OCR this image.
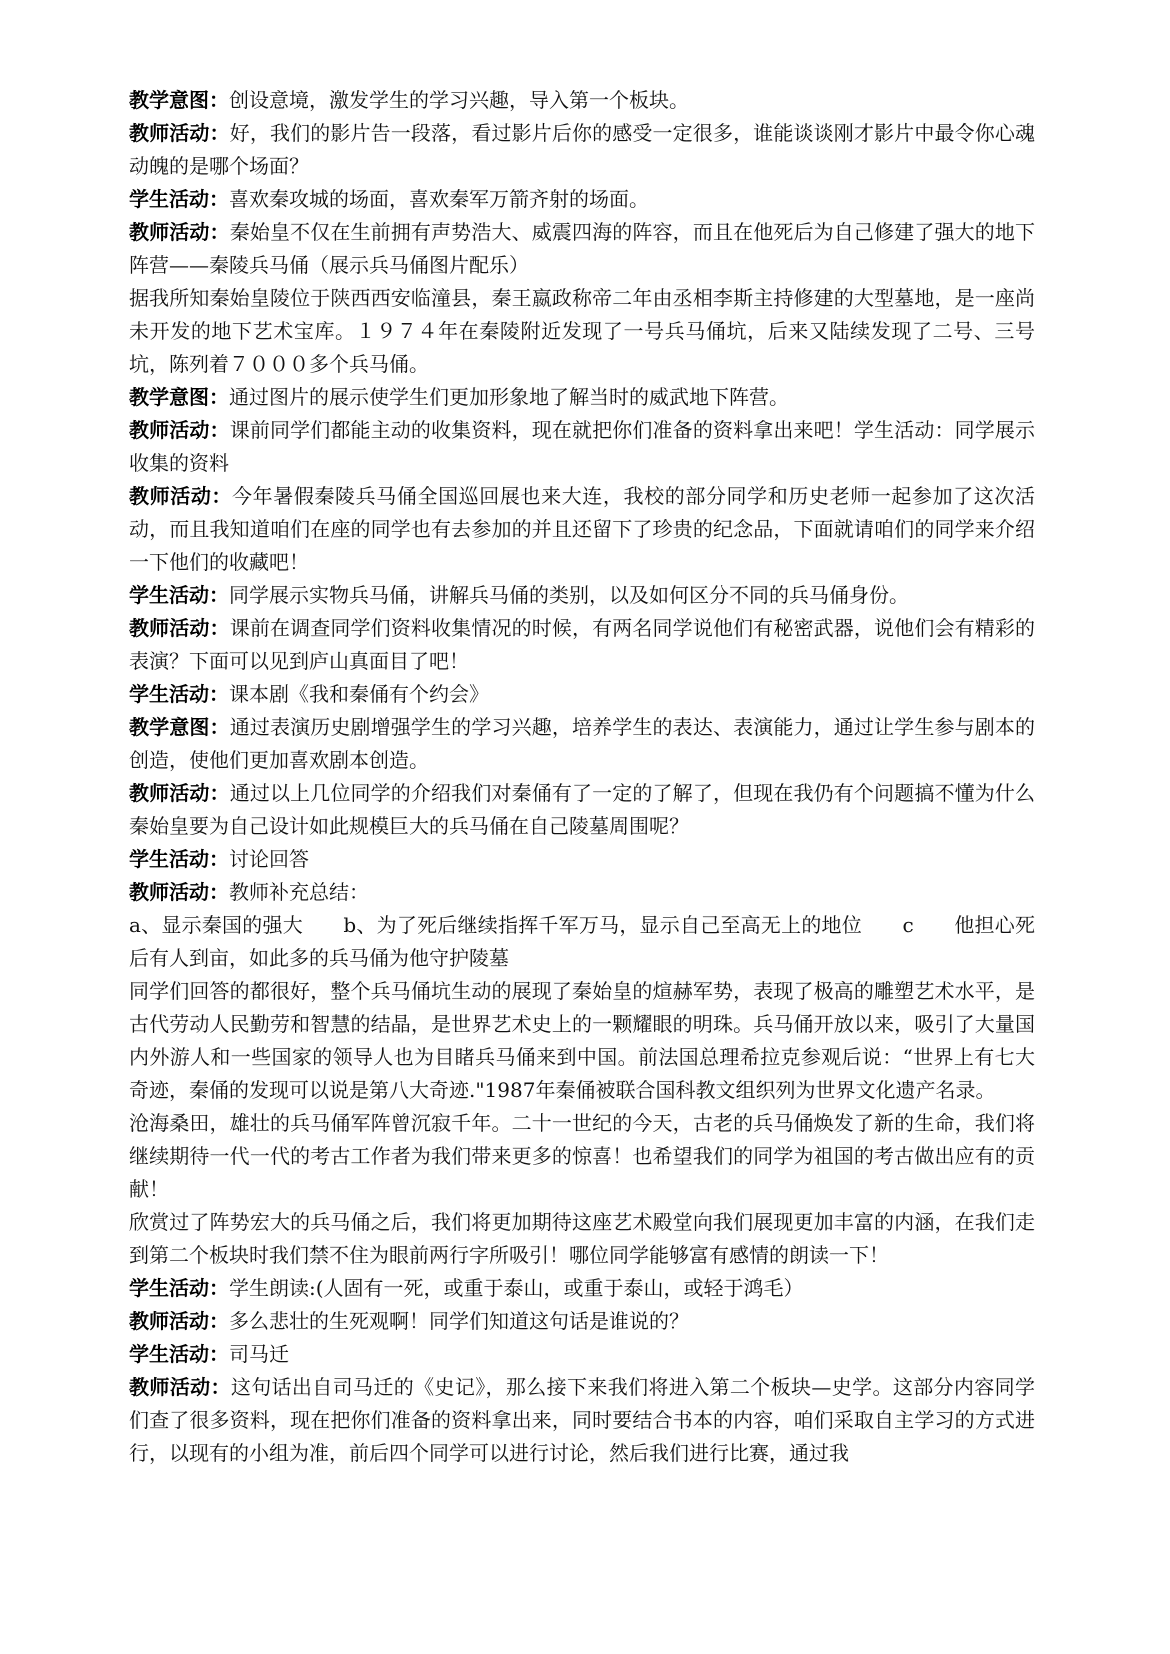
教学意图：创设意境，激发学生的学习兴趣，导入第一个板块。

教师活动：好，我们的影片告一段落，看过影片后你的感受一定很多，谁能谈谈刚才影片中最令你心魂动魄的是哪个场面？

学生活动：喜欢秦攻城的场面，喜欢秦军万箭齐射的场面。

教师活动：秦始皇不仅在生前拥有声势浩大、威震四海的阵容，而且在他死后为自己修建了强大的地下阵营——秦陵兵马俑（展示兵马俑图片配乐）

据我所知秦始皇陵位于陕西西安临潼县，秦王嬴政称帝二年由丞相李斯主持修建的大型墓地，是一座尚未开发的地下艺术宝库。１９７４年在秦陵附近发现了一号兵马俑坑，后来又陆续发现了二号、三号坑，陈列着７０００多个兵马俑。

教学意图：通过图片的展示使学生们更加形象地了解当时的威武地下阵营。

教师活动：课前同学们都能主动的收集资料，现在就把你们准备的资料拿出来吧！学生活动：同学展示收集的资料

教师活动：今年暑假秦陵兵马俑全国巡回展也来大连，我校的部分同学和历史老师一起参加了这次活动，而且我知道咱们在座的同学也有去参加的并且还留下了珍贵的纪念品，下面就请咱们的同学来介绍一下他们的收藏吧！

学生活动：同学展示实物兵马俑，讲解兵马俑的类别，以及如何区分不同的兵马俑身份。

教师活动：课前在调查同学们资料收集情况的时候，有两名同学说他们有秘密武器，说他们会有精彩的表演？下面可以见到庐山真面目了吧！

学生活动：课本剧《我和秦俑有个约会》

教学意图：通过表演历史剧增强学生的学习兴趣，培养学生的表达、表演能力，通过让学生参与剧本的创造，使他们更加喜欢剧本创造。

教师活动：通过以上几位同学的介绍我们对秦俑有了一定的了解了，但现在我仍有个问题搞不懂为什么秦始皇要为自己设计如此规模巨大的兵马俑在自己陵墓周围呢？

学生活动：讨论回答

教师活动：教师补充总结：

a、显示秦国的强大　　b、为了死后继续指挥千军万马，显示自己至高无上的地位　　c　　他担心死后有人到亩，如此多的兵马俑为他守护陵墓

同学们回答的都很好，整个兵马俑坑生动的展现了秦始皇的煊赫军势，表现了极高的雕塑艺术水平，是古代劳动人民勤劳和智慧的结晶，是世界艺术史上的一颗耀眼的明珠。兵马俑开放以来，吸引了大量国内外游人和一些国家的领导人也为目睹兵马俑来到中国。前法国总理希拉克参观后说：“世界上有七大奇迹，秦俑的发现可以说是第八大奇迹."1987年秦俑被联合国科教文组织列为世界文化遗产名录。

沧海桑田，雄壮的兵马俑军阵曾沉寂千年。二十一世纪的今天，古老的兵马俑焕发了新的生命，我们将继续期待一代一代的考古工作者为我们带来更多的惊喜！也希望我们的同学为祖国的考古做出应有的贡献！

欣赏过了阵势宏大的兵马俑之后，我们将更加期待这座艺术殿堂向我们展现更加丰富的内涵，在我们走到第二个板块时我们禁不住为眼前两行字所吸引！哪位同学能够富有感情的朗读一下！

学生活动：学生朗读:(人固有一死，或重于泰山，或重于泰山，或轻于鸿毛）

教师活动：多么悲壮的生死观啊！同学们知道这句话是谁说的？

学生活动：司马迁

教师活动：这句话出自司马迁的《史记》，那么接下来我们将进入第二个板块—史学。这部分内容同学们查了很多资料，现在把你们准备的资料拿出来，同时要结合书本的内容，咱们采取自主学习的方式进行，以现有的小组为准，前后四个同学可以进行讨论，然后我们进行比赛，通过我
